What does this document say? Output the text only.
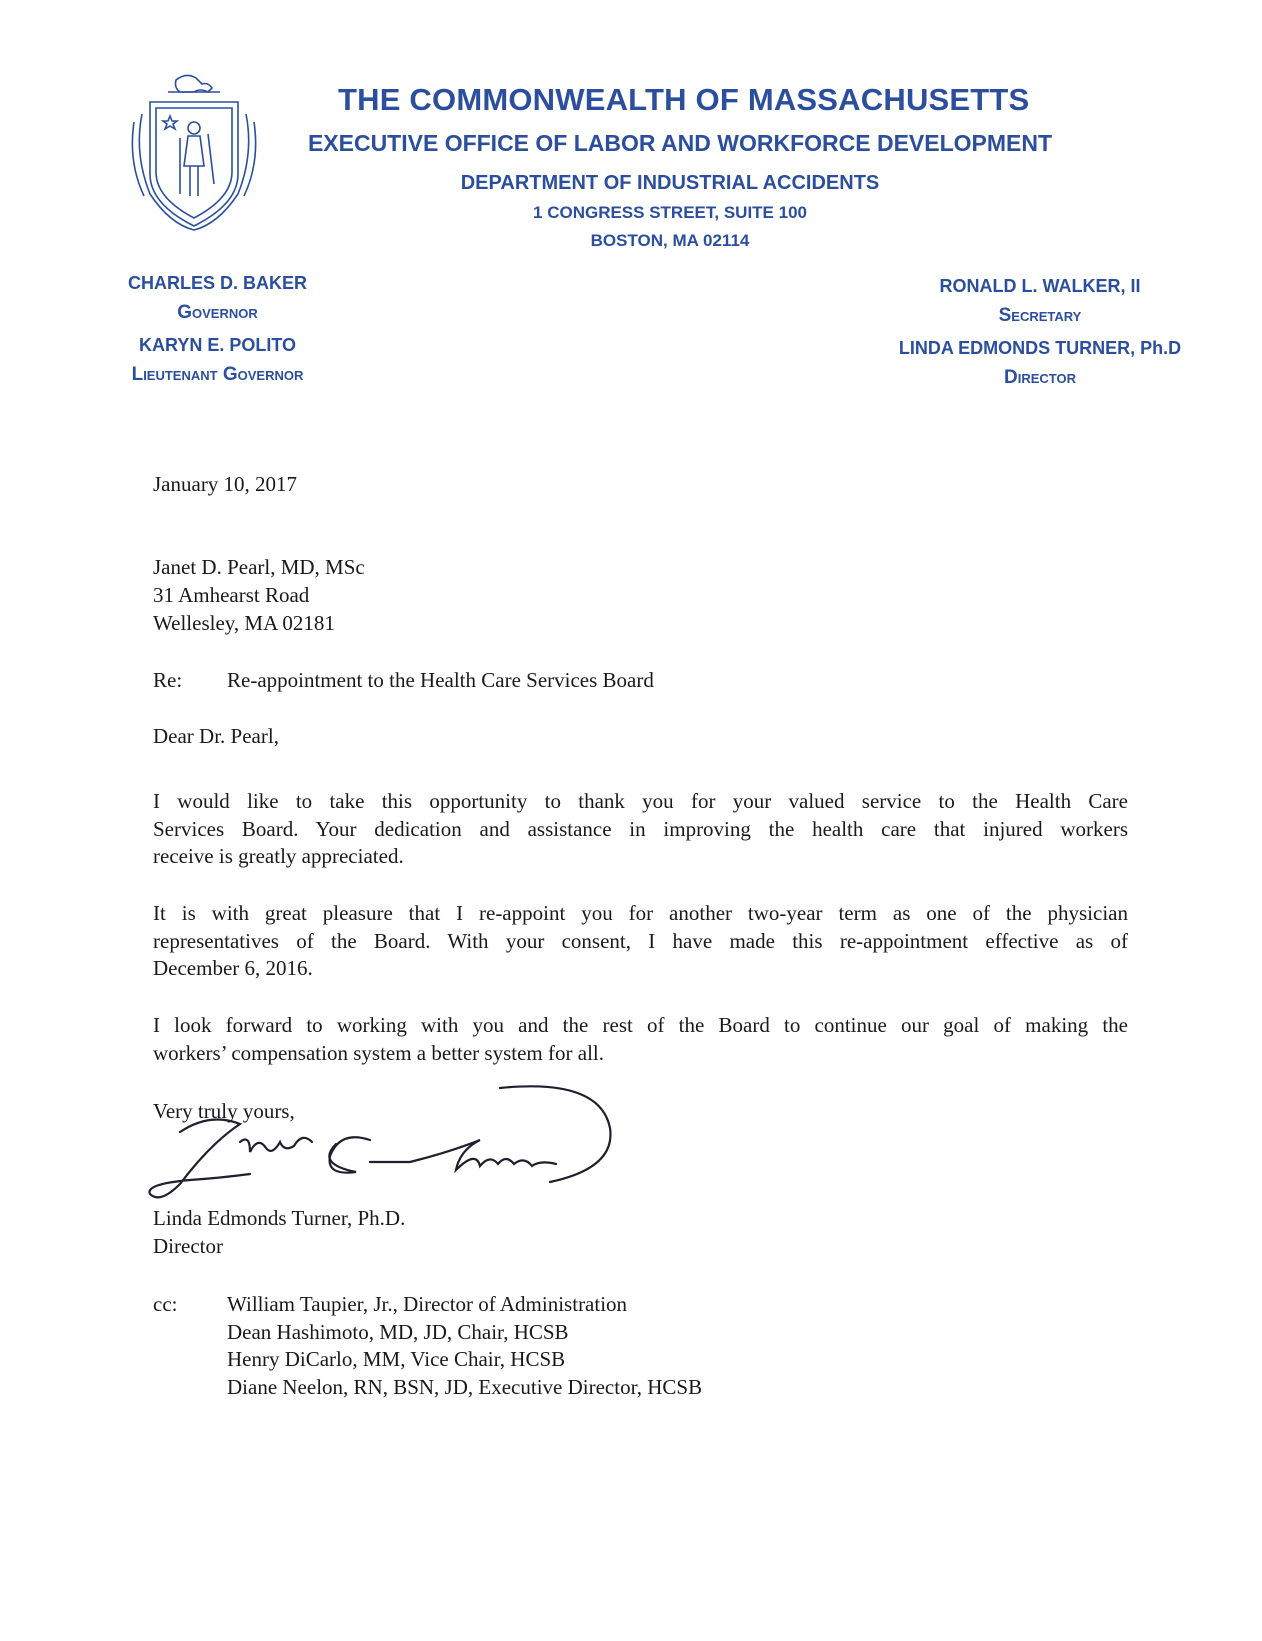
THE COMMONWEALTH OF MASSACHUSETTS
EXECUTIVE OFFICE OF LABOR AND WORKFORCE DEVELOPMENT
DEPARTMENT OF INDUSTRIAL ACCIDENTS
1 CONGRESS STREET, SUITE 100
BOSTON, MA 02114
CHARLES D. BAKER
Governor
KARYN E. POLITO
Lieutenant Governor
RONALD L. WALKER, II
Secretary
LINDA EDMONDS TURNER, Ph.D
Director
January 10, 2017
Janet D. Pearl, MD, MSc
31 Amhearst Road
Wellesley, MA 02181
Re: Re-appointment to the Health Care Services Board
Dear Dr. Pearl,
I would like to take this opportunity to thank you for your valued service to the Health Care
Services Board. Your dedication and assistance in improving the health care that injured workers
receive is greatly appreciated.
It is with great pleasure that I re-appoint you for another two-year term as one of the physician
representatives of the Board. With your consent, I have made this re-appointment effective as of
December 6, 2016.
I look forward to working with you and the rest of the Board to continue our goal of making the
workers’ compensation system a better system for all.
Very truly yours,
Linda Edmonds Turner, Ph.D.
Director
cc: William Taupier, Jr., Director of Administration
Dean Hashimoto, MD, JD, Chair, HCSB
Henry DiCarlo, MM, Vice Chair, HCSB
Diane Neelon, RN, BSN, JD, Executive Director, HCSB
